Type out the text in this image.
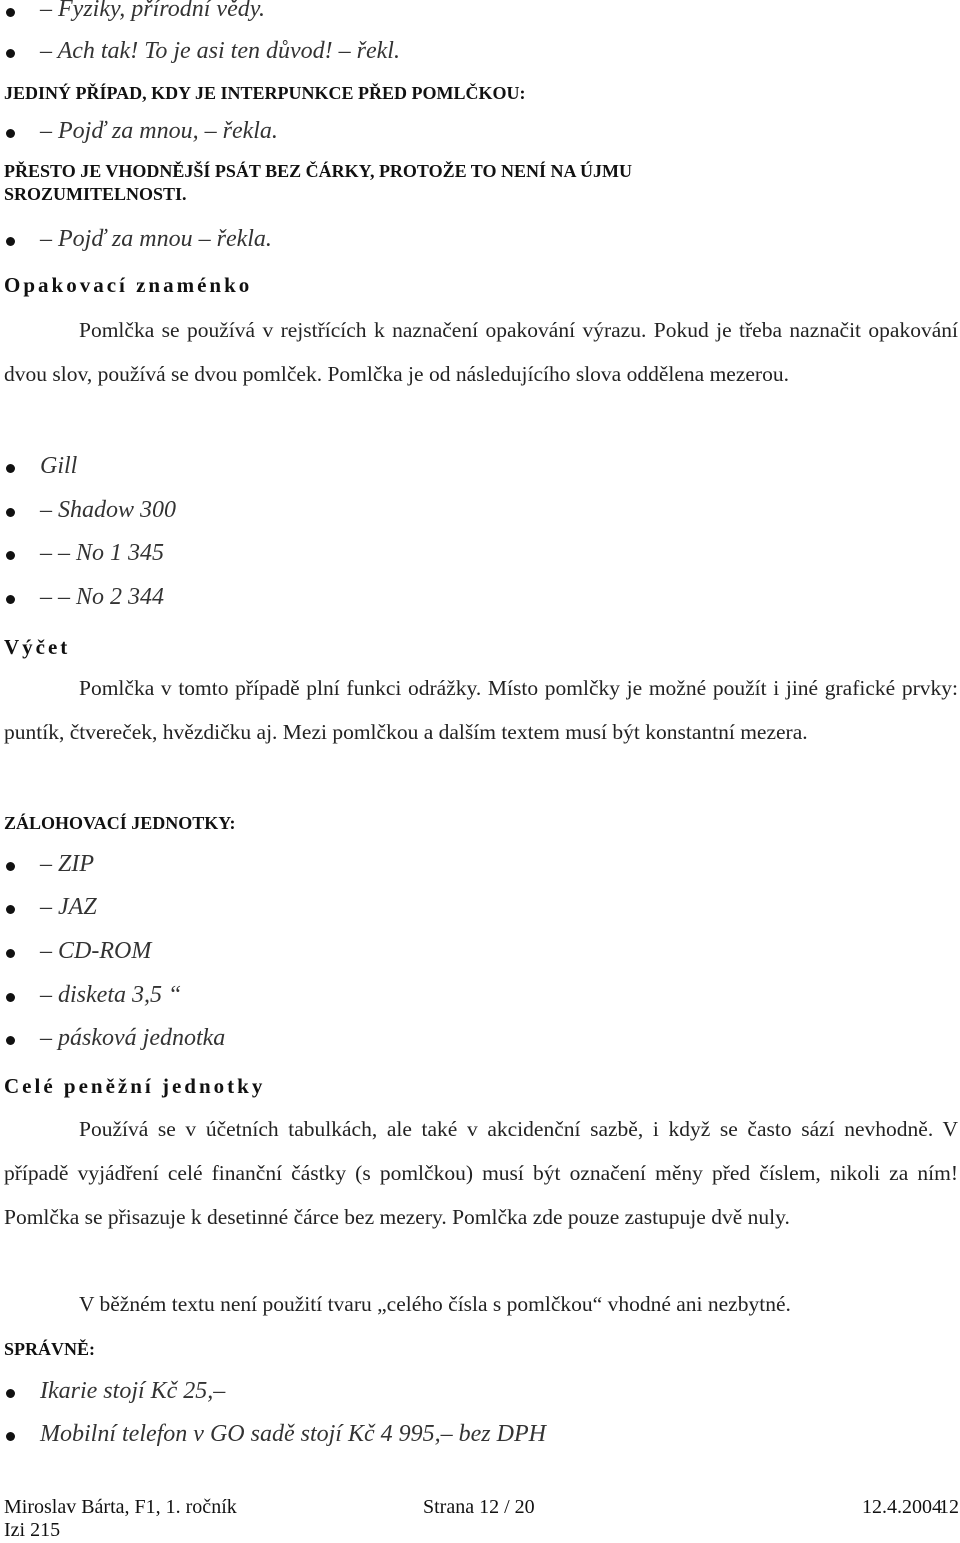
– Fyziky, přírodní vědy.
– Ach tak! To je asi ten důvod! – řekl.
JEDINÝ PŘÍPAD, KDY JE INTERPUNKCE PŘED POMLČKOU:
– Pojď za mnou, – řekla.
PŘESTO JE VHODNĚJŠÍ PSÁT BEZ ČÁRKY, PROTOŽE TO NENÍ NA ÚJMU
SROZUMITELNOSTI.
– Pojď za mnou – řekla.
Opakovací znaménko
Pomlčka se používá v rejstřících k naznačení opakování výrazu. Pokud je třeba naznačit opakování dvou slov, používá se dvou pomlček. Pomlčka je od následujícího slova oddělena mezerou.
Gill
– Shadow 300
– – No 1 345
– – No 2 344
Výčet
Pomlčka v tomto případě plní funkci odrážky. Místo pomlčky je možné použít i jiné grafické prvky: puntík, čtvereček, hvězdičku aj. Mezi pomlčkou a dalším textem musí být konstantní mezera.
ZÁLOHOVACÍ JEDNOTKY:
– ZIP
– JAZ
– CD-ROM
– disketa 3,5 “
– pásková jednotka
Celé peněžní jednotky
Používá se v účetních tabulkách, ale také v akcidenční sazbě, i když se často sází nevhodně. V případě vyjádření celé finanční částky (s pomlčkou) musí být označení měny před číslem, nikoli za ním! Pomlčka se přisazuje k desetinné čárce bez mezery. Pomlčka zde pouze zastupuje dvě nuly.
V běžném textu není použití tvaru „celého čísla s pomlčkou“ vhodné ani nezbytné.
SPRÁVNĚ:
Ikarie stojí Kč 25,–
Mobilní telefon v GO sadě stojí Kč 4 995,– bez DPH
Miroslav Bárta, F1, 1. ročník
Izi 215
Strana 12 / 20	12.4.2004
12
